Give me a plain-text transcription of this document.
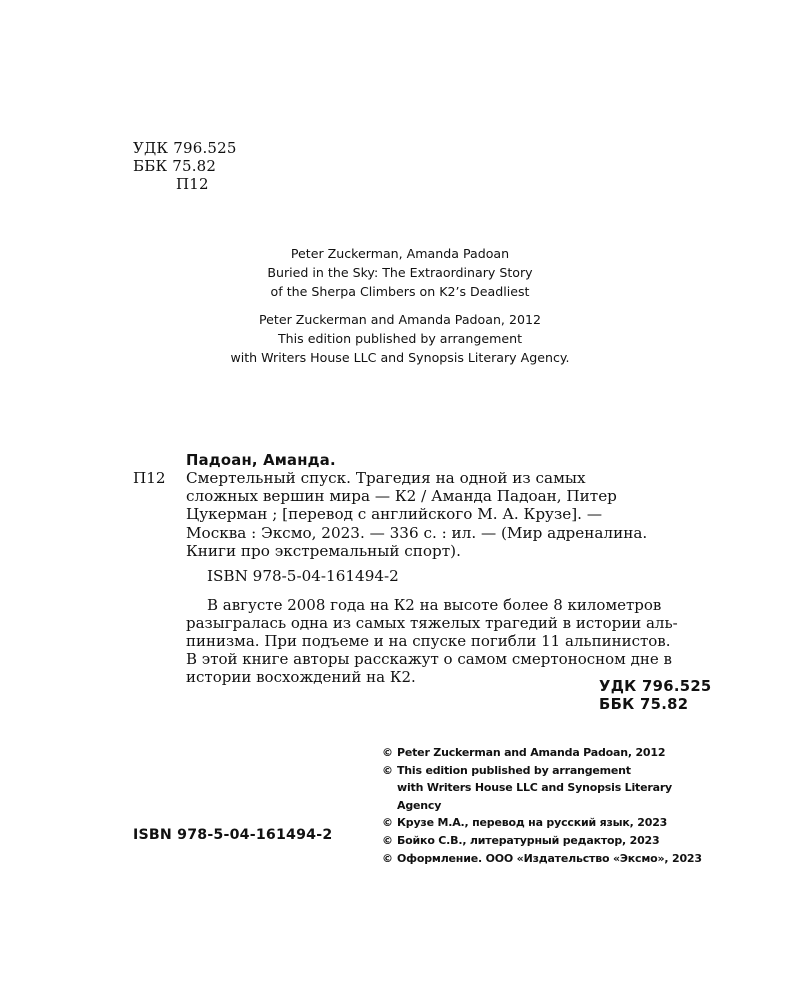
УДК 796.525
ББК 75.82
П12
Peter Zuckerman, Amanda Padoan
Buried in the Sky: The Extraordinary Story
of the Sherpa Climbers on K2’s Deadliest
Peter Zuckerman and Amanda Padoan, 2012
This edition published by arrangement
with Writers House LLC and Synopsis Literary Agency.
Падоан, Аманда.
П12 Смертельный спуск. Трагедия на одной из самых
сложных вершин мира — К2 / Аманда Падоан, Питер
Цукерман ; [перевод с английского М. А. Крузе]. —
Москва : Эксмо, 2023. — 336 с. : ил. — (Мир адреналина.
Книги про экстремальный спорт).
ISBN 978-5-04-161494-2
В августе 2008 года на К2 на высоте более 8 километров
разыгралась одна из самых тяжелых трагедий в истории аль-
пинизма. При подъеме и на спуске погибли 11 альпинистов.
В этой книге авторы расскажут о самом смертоносном дне в
истории восхождений на К2.
УДК 796.525
ББК 75.82
ISBN 978-5-04-161494-2
© Peter Zuckerman and Amanda Padoan, 2012
© This edition published by arrangement
with Writers House LLC and Synopsis Literary
Agency
© Крузе М.А., перевод на русский язык, 2023
© Бойко С.В., литературный редактор, 2023
© Оформление. ООО «Издательство «Эксмо», 2023
